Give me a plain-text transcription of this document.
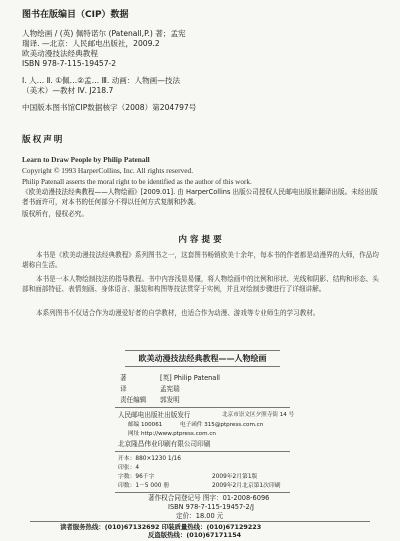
图书在版编目（CIP）数据
人物绘画 / (英) 佩特诺尔 (Patenall,P.) 著；孟宪
瑞译. —北京：人民邮电出版社，2009.2
欧美动漫技法经典教程
ISBN 978-7-115-19457-2
Ⅰ. 人… Ⅱ. ①佩…②孟… Ⅲ. 动画：人物画—技法
（美术）—教材 Ⅳ. J218.7
中国版本图书馆CIP数据核字（2008）第204797号
版权声明
Learn to Draw People by Philip Patenall
Copyright © 1993 HarperCollins, Inc. All rights reserved.
Philip Patenall asserts the moral right to be identified as the author of this work.
《欧美动漫技法经典教程——人物绘画》[2009.01]. 由 HarperCollins 出版公司授权人民邮电出版社翻译出版。未经出版
者书面许可，对本书的任何部分不得以任何方式复制和抄袭。
版权所有，侵权必究。
内 容 提 要
本书是《欧美动漫技法经典教程》系列图书之一，这套图书畅销欧美十余年，每本书的作者都是动漫界的大师，作品均堪称自生活。
本书是一本人物绘制技法的指导教程。书中内容浅显易懂，将人物绘画中的比例和形状、光线和阴影、结构和形态、头部和面部特征、表情刻画、身体语言、服装和构图等技法贯穿于实例，并且对绘制步骤进行了详细讲解。
本系列图书不仅适合作为动漫爱好者的自学教材，也适合作为动漫、游戏等专业师生的学习教材。
欧美动漫技法经典教程——人物绘画
著	[英] Philip Patenall
译	孟宪瑞
责任编辑 郭发明
人民邮电出版社出版发行	北京市崇文区夕照寺街 14 号
邮编 100061	电子函件 315@ptpress.com.cn
网址 http://www.ptpress.com.cn
北京隆昌伟业印刷有限公司印刷
开本：880×1230 1/16
印张：4
字数：96千字	2009年2月第1版
印数：1－5 000 册	2009年2月北京第1次印刷
著作权合同登记号 图字：01-2008-6096
ISBN 978-7-115-19457-2/J
定价：18.00 元
读者服务热线：(010)67132692 印装质量热线：(010)67129223
反盗版热线：(010)67171154
